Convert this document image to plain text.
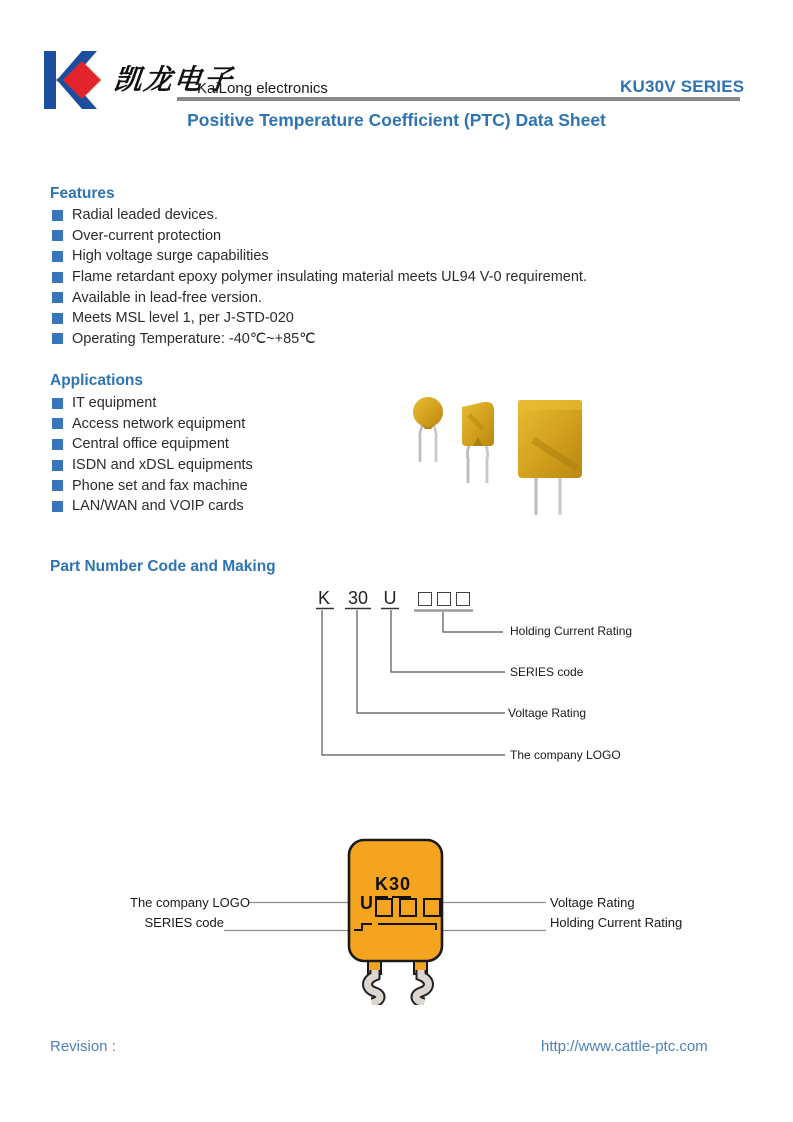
凯龙电子
KaiLong electronics	KU30V SERIES
Positive Temperature Coefficient (PTC) Data Sheet
Features
Radial leaded devices.
Over-current protection
High voltage surge capabilities
Flame retardant epoxy polymer insulating material meets UL94 V-0 requirement.
Available in lead-free version.
Meets MSL level 1, per J-STD-020
Operating Temperature: -40℃~+85℃
Applications
IT equipment
Access network equipment
Central office equipment
ISDN and xDSL equipments
Phone set and fax machine
LAN/WAN and VOIP cards
Part Number Code and Making
K 30 U
Holding Current Rating
SERIES code
Voltage Rating
The company LOGO
K30
U
The company LOGO
SERIES code
Voltage Rating
Holding Current Rating
Revision :	http://www.cattle-ptc.com
